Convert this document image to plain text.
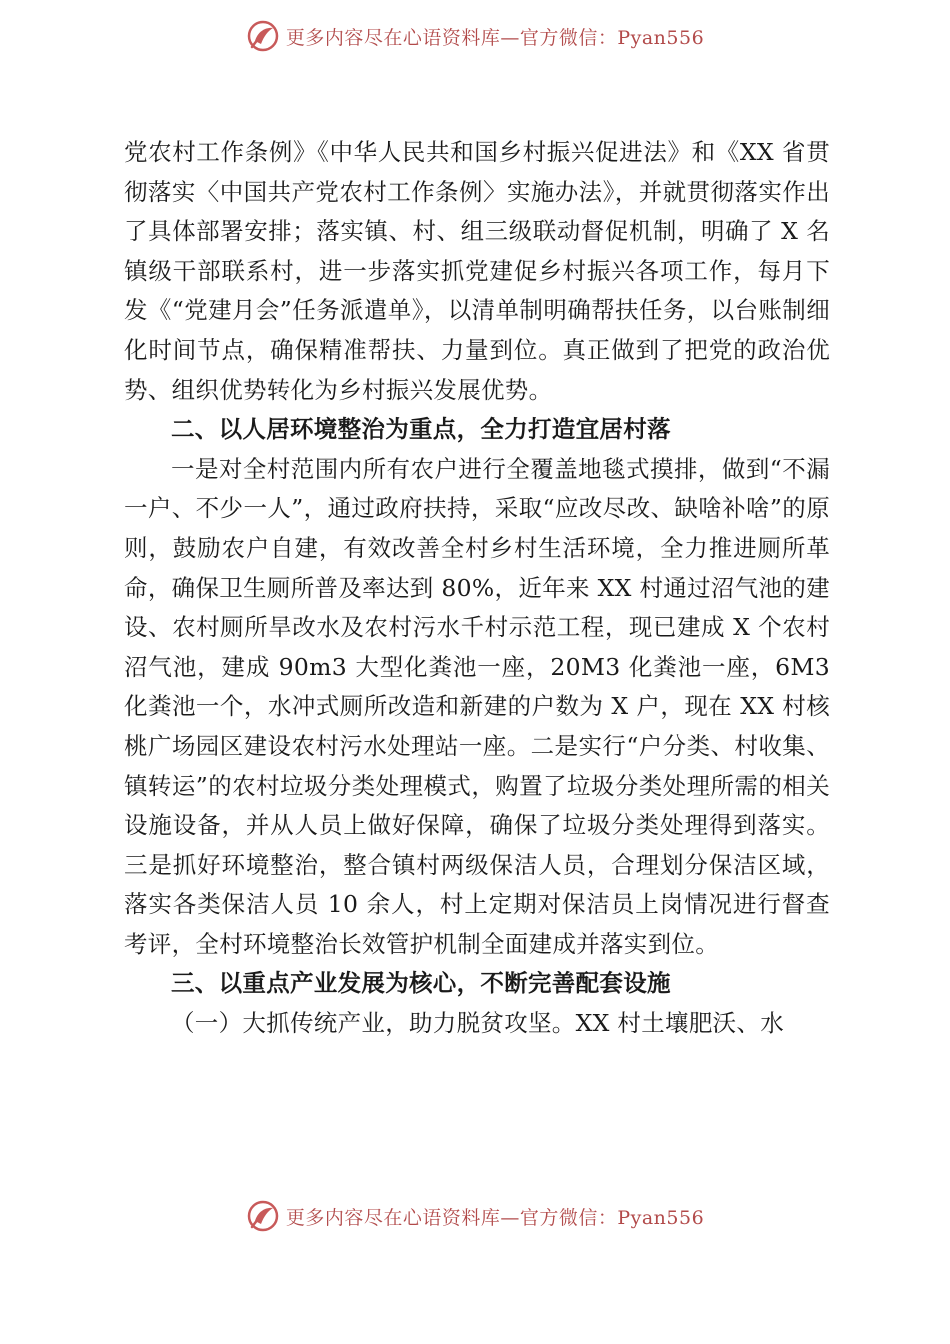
更多内容尽在心语资料库—官方微信：Pyan556

党农村工作条例》《中华人民共和国乡村振兴促进法》和《XX 省贯彻落实〈中国共产党农村工作条例〉实施办法》，并就贯彻落实作出了具体部署安排；落实镇、村、组三级联动督促机制，明确了 X 名镇级干部联系村，进一步落实抓党建促乡村振兴各项工作，每月下发《“党建月会”任务派遣单》，以清单制明确帮扶任务，以台账制细化时间节点，确保精准帮扶、力量到位。真正做到了把党的政治优势、组织优势转化为乡村振兴发展优势。

二、以人居环境整治为重点，全力打造宜居村落

一是对全村范围内所有农户进行全覆盖地毯式摸排，做到“不漏一户、不少一人”，通过政府扶持，采取“应改尽改、缺啥补啥”的原则，鼓励农户自建，有效改善全村乡村生活环境，全力推进厕所革命，确保卫生厕所普及率达到 80%，近年来 XX 村通过沼气池的建设、农村厕所旱改水及农村污水千村示范工程，现已建成 X 个农村沼气池，建成 90m3 大型化粪池一座，20M3 化粪池一座，6M3 化粪池一个，水冲式厕所改造和新建的户数为 X 户，现在 XX 村核桃广场园区建设农村污水处理站一座。二是实行“户分类、村收集、镇转运”的农村垃圾分类处理模式，购置了垃圾分类处理所需的相关设施设备，并从人员上做好保障，确保了垃圾分类处理得到落实。三是抓好环境整治，整合镇村两级保洁人员，合理划分保洁区域，落实各类保洁人员 10 余人，村上定期对保洁员上岗情况进行督查考评，全村环境整治长效管护机制全面建成并落实到位。

三、以重点产业发展为核心，不断完善配套设施

（一）大抓传统产业，助力脱贫攻坚。XX 村土壤肥沃、水

更多内容尽在心语资料库—官方微信：Pyan556
